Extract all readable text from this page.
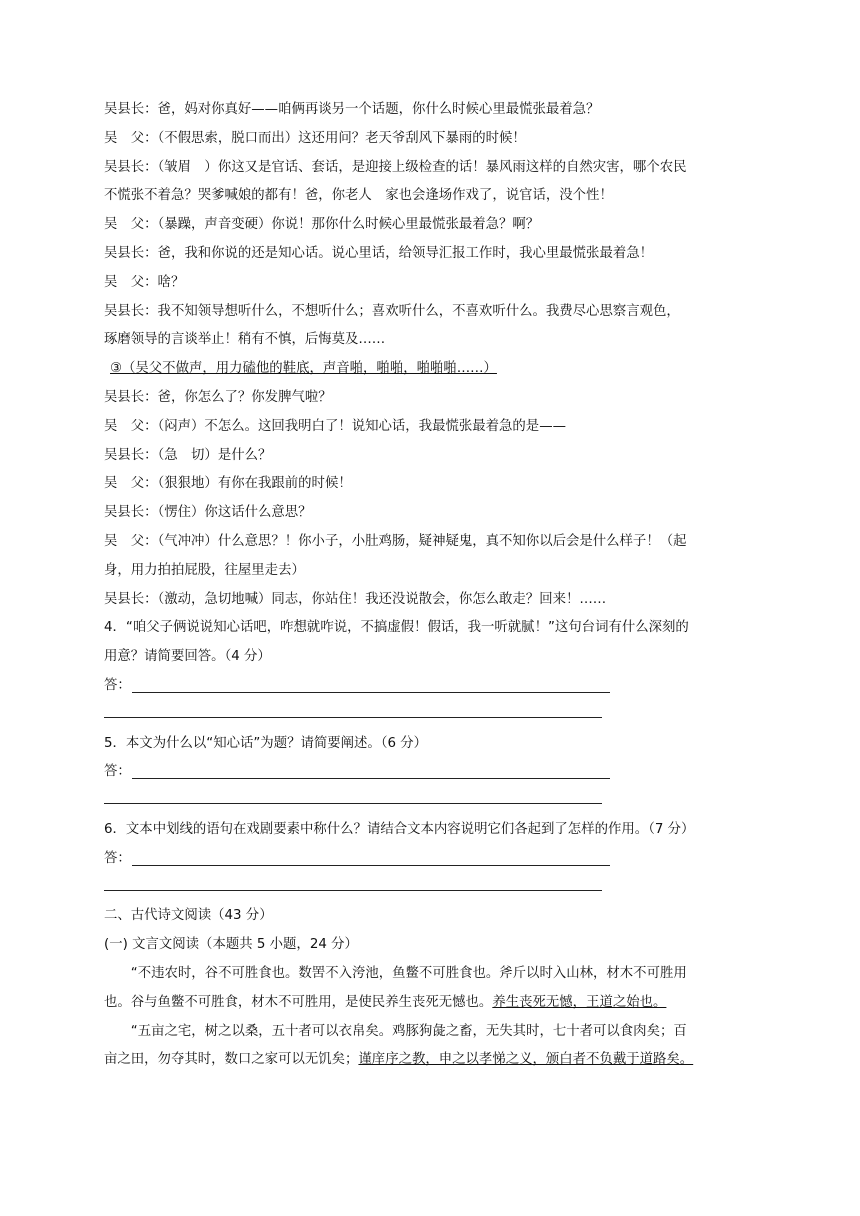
吴县长：爸，妈对你真好——咱俩再谈另一个话题，你什么时候心里最慌张最着急？

吴　父：（不假思索，脱口而出）这还用问？老天爷刮风下暴雨的时候！

吴县长：（皱眉　）你这又是官话、套话，是迎接上级检查的话！暴风雨这样的自然灾害，哪个农民

不慌张不着急？哭爹喊娘的都有！爸，你老人　家也会逢场作戏了，说官话，没个性！

吴　父：（暴躁，声音变硬）你说！那你什么时候心里最慌张最着急？啊？

吴县长：爸，我和你说的还是知心话。说心里话，给领导汇报工作时，我心里最慌张最着急！

吴　父：啥？

吴县长：我不知领导想听什么，不想听什么；喜欢听什么，不喜欢听什么。我费尽心思察言观色，

琢磨领导的言谈举止！稍有不慎，后悔莫及……

③（吴父不做声，用力磕他的鞋底，声音啪，啪啪，啪啪啪……）

吴县长：爸，你怎么了？你发脾气啦？

吴　父：（闷声）不怎么。这回我明白了！说知心话，我最慌张最着急的是——

吴县长：（急　切）是什么？

吴　父：（狠狠地）有你在我跟前的时候！

吴县长：（愣住）你这话什么意思？

吴　父：（气冲冲）什么意思？！你小子，小肚鸡肠，疑神疑鬼，真不知你以后会是什么样子！（起

身，用力拍拍屁股，往屋里走去）

吴县长：（激动，急切地喊）同志，你站住！我还没说散会，你怎么敢走？回来！……

4．“咱父子俩说说知心话吧，咋想就咋说，不搞虚假！假话，我一听就腻！”这句台词有什么深刻的

用意？请简要回答。（4 分）

答：

5．本文为什么以“知心话”为题？请简要阐述。（6 分）

答：

6．文本中划线的语句在戏剧要素中称什么？请结合文本内容说明它们各起到了怎样的作用。（7 分）

答：

二、古代诗文阅读（43 分）

(一) 文言文阅读（本题共 5 小题，24 分）

“不违农时，谷不可胜食也。数罟不入洿池，鱼鳖不可胜食也。斧斤以时入山林，材木不可胜用

也。谷与鱼鳖不可胜食，材木不可胜用，是使民养生丧死无憾也。养生丧死无憾，王道之始也。

“五亩之宅，树之以桑，五十者可以衣帛矣。鸡豚狗彘之畜，无失其时，七十者可以食肉矣；百

亩之田，勿夺其时，数口之家可以无饥矣；谨庠序之教，申之以孝悌之义，颁白者不负戴于道路矣。
